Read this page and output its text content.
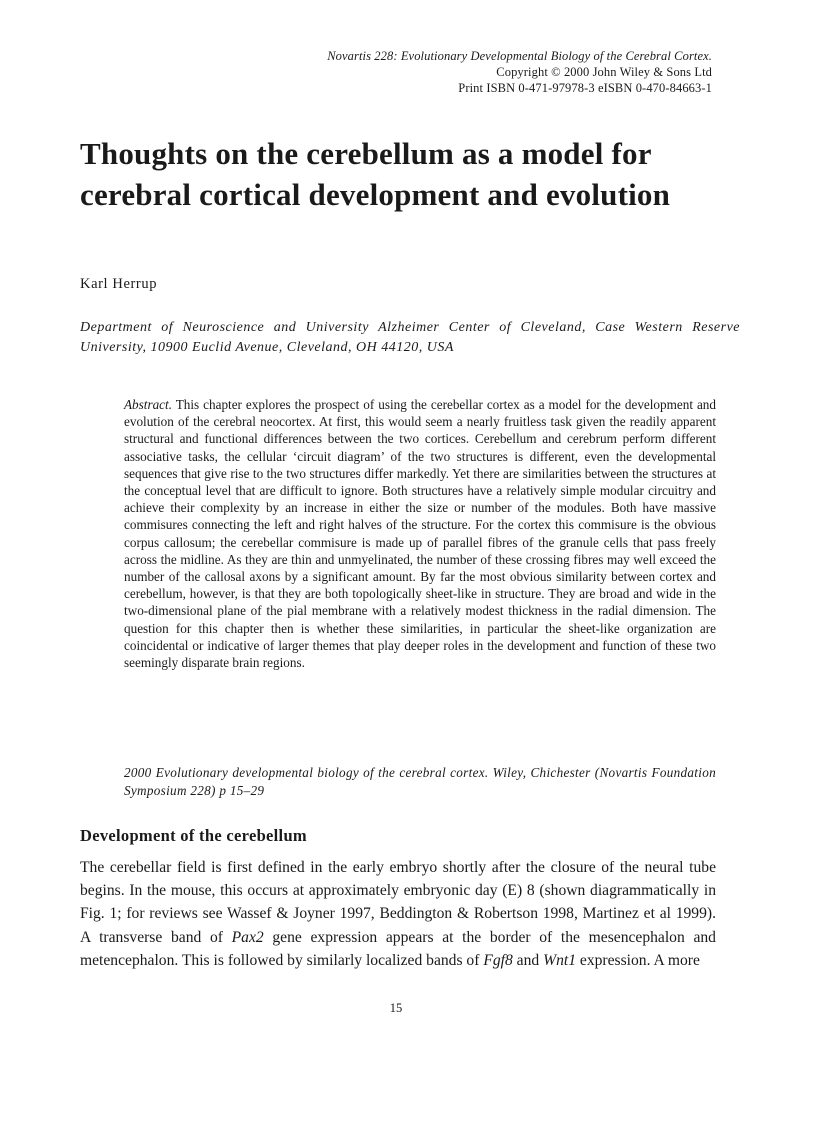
Novartis 228: Evolutionary Developmental Biology of the Cerebral Cortex.
Copyright © 2000 John Wiley & Sons Ltd
Print ISBN 0-471-97978-3 eISBN 0-470-84663-1
Thoughts on the cerebellum as a model for cerebral cortical development and evolution
Karl Herrup
Department of Neuroscience and University Alzheimer Center of Cleveland, Case Western Reserve University, 10900 Euclid Avenue, Cleveland, OH 44120, USA

Abstract. This chapter explores the prospect of using the cerebellar cortex as a model for the development and evolution of the cerebral neocortex. At first, this would seem a nearly fruitless task given the readily apparent structural and functional differences between the two cortices. Cerebellum and cerebrum perform different associative tasks, the cellular ‘circuit diagram’ of the two structures is different, even the developmental sequences that give rise to the two structures differ markedly. Yet there are similarities between the structures at the conceptual level that are difficult to ignore. Both structures have a relatively simple modular circuitry and achieve their complexity by an increase in either the size or number of the modules. Both have massive commisures connecting the left and right halves of the structure. For the cortex this commisure is the obvious corpus callosum; the cerebellar commisure is made up of parallel fibres of the granule cells that pass freely across the midline. As they are thin and unmyelinated, the number of these crossing fibres may well exceed the number of the callosal axons by a significant amount. By far the most obvious similarity between cortex and cerebellum, however, is that they are both topologically sheet-like in structure. They are broad and wide in the two-dimensional plane of the pial membrane with a relatively modest thickness in the radial dimension. The question for this chapter then is whether these similarities, in particular the sheet-like organization are coincidental or indicative of larger themes that play deeper roles in the development and function of these two seemingly disparate brain regions.

2000 Evolutionary developmental biology of the cerebral cortex. Wiley, Chichester (Novartis Foundation Symposium 228) p 15–29
Development of the cerebellum

The cerebellar field is first defined in the early embryo shortly after the closure of the neural tube begins. In the mouse, this occurs at approximately embryonic day (E) 8 (shown diagrammatically in Fig. 1; for reviews see Wassef & Joyner 1997, Beddington & Robertson 1998, Martinez et al 1999). A transverse band of Pax2 gene expression appears at the border of the mesencephalon and metencephalon. This is followed by similarly localized bands of Fgf8 and Wnt1 expression. A more

15
